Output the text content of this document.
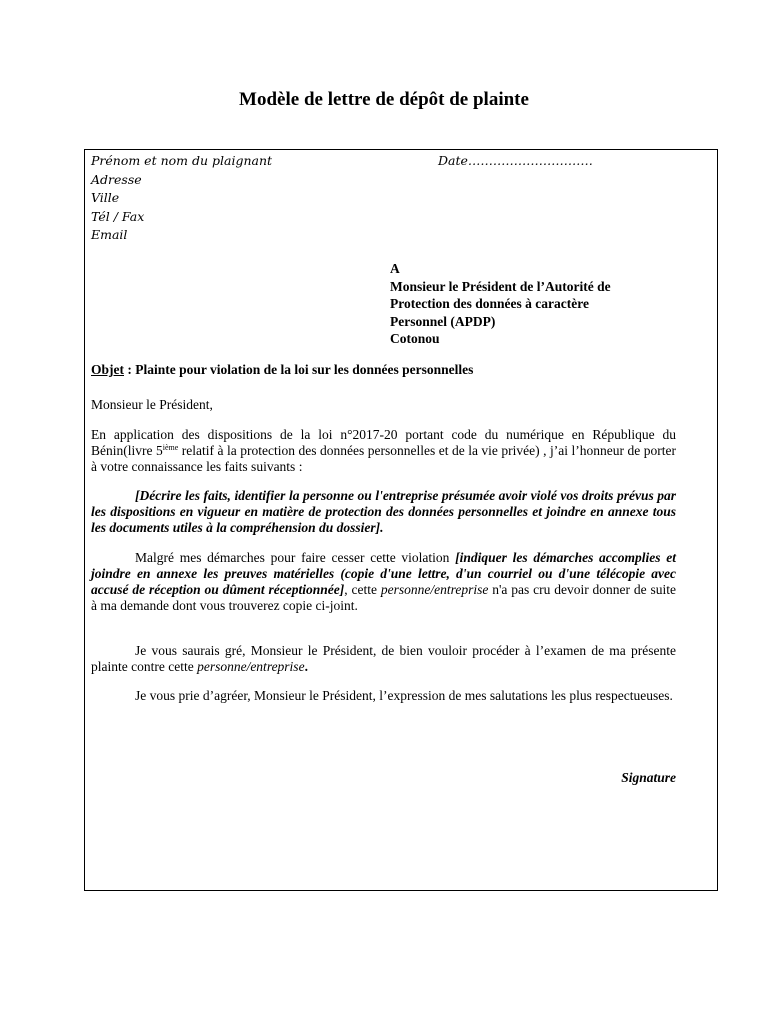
Modèle de lettre de dépôt de plainte
Prénom et nom du plaignant
Adresse
Ville
Tél / Fax
Email
Date…………………………
A
Monsieur le Président de l’Autorité de
Protection des données à caractère
Personnel (APDP)
Cotonou
Objet : Plainte pour violation de la loi sur les données personnelles
Monsieur le Président,
En application des dispositions de la loi n°2017-20 portant code du numérique en République du Bénin(livre 5ième relatif à la protection des données personnelles et de la vie privée) , j’ai l’honneur de porter à votre connaissance les faits suivants :
[Décrire les faits, identifier la personne ou l'entreprise présumée avoir violé vos droits prévus par les dispositions en vigueur en matière de protection des données personnelles et joindre en annexe tous les documents utiles à la compréhension du dossier].
Malgré mes démarches pour faire cesser cette violation [indiquer les démarches accomplies et joindre en annexe les preuves matérielles (copie d'une lettre, d'un courriel ou d'une télécopie avec accusé de réception ou dûment réceptionnée], cette personne/entreprise n'a pas cru devoir donner de suite à ma demande dont vous trouverez copie ci-joint.
Je vous saurais gré, Monsieur le Président, de bien vouloir procéder à l’examen de ma présente plainte contre cette personne/entreprise.
Je vous prie d’agréer, Monsieur le Président, l’expression de mes salutations les plus respectueuses.
Signature
